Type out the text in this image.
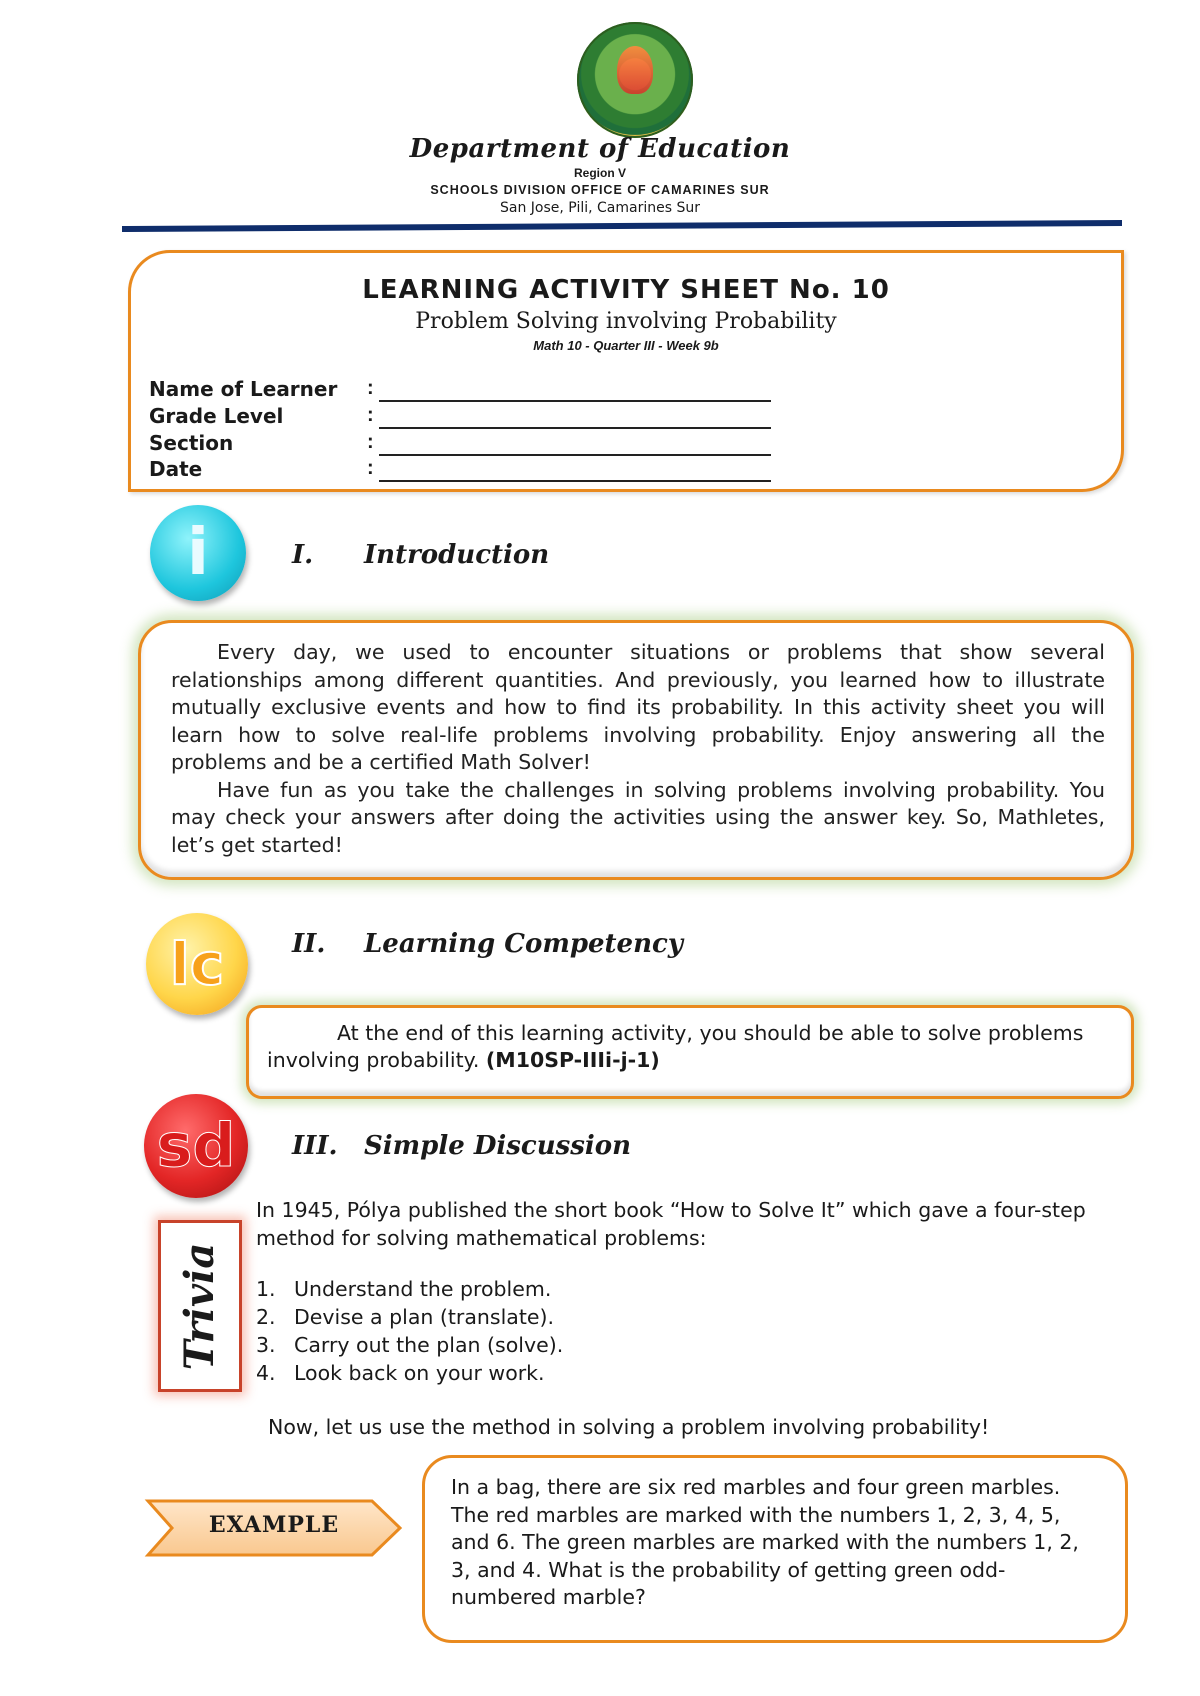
Department of Education
Region V
SCHOOLS DIVISION OFFICE OF CAMARINES SUR
San Jose, Pili, Camarines Sur
LEARNING ACTIVITY SHEET No. 10
Problem Solving involving Probability
Math 10 - Quarter III - Week 9b
Name of Learner :
Grade Level	:
Section	:
Date	:
i	I. Introduction

Every day, we used to encounter situations or problems that show several relationships among different quantities. And previously, you learned how to illustrate mutually exclusive events and how to find its probability. In this activity sheet you will learn how to solve real-life problems involving probability. Enjoy answering all the problems and be a certified Math Solver!

Have fun as you take the challenges in solving problems involving probability. You may check your answers after doing the activities using the answer key. So, Mathletes, let’s get started!

lc	II. Learning Competency
At the end of this learning activity, you should be able to solve problems involving probability. (M10SP-IIIi-j-1)
sd III. Simple Discussion
Trivia
In 1945, Pólya published the short book “How to Solve It” which gave a four-step method for solving mathematical problems:
1. Understand the problem.
2. Devise a plan (translate).
3. Carry out the plan (solve).
4. Look back on your work.
Now, let us use the method in solving a problem involving probability!
EXAMPLE
In a bag, there are six red marbles and four green marbles. The red marbles are marked with the numbers 1, 2, 3, 4, 5, and 6. The green marbles are marked with the numbers 1, 2, 3, and 4. What is the probability of getting green odd-numbered marble?
